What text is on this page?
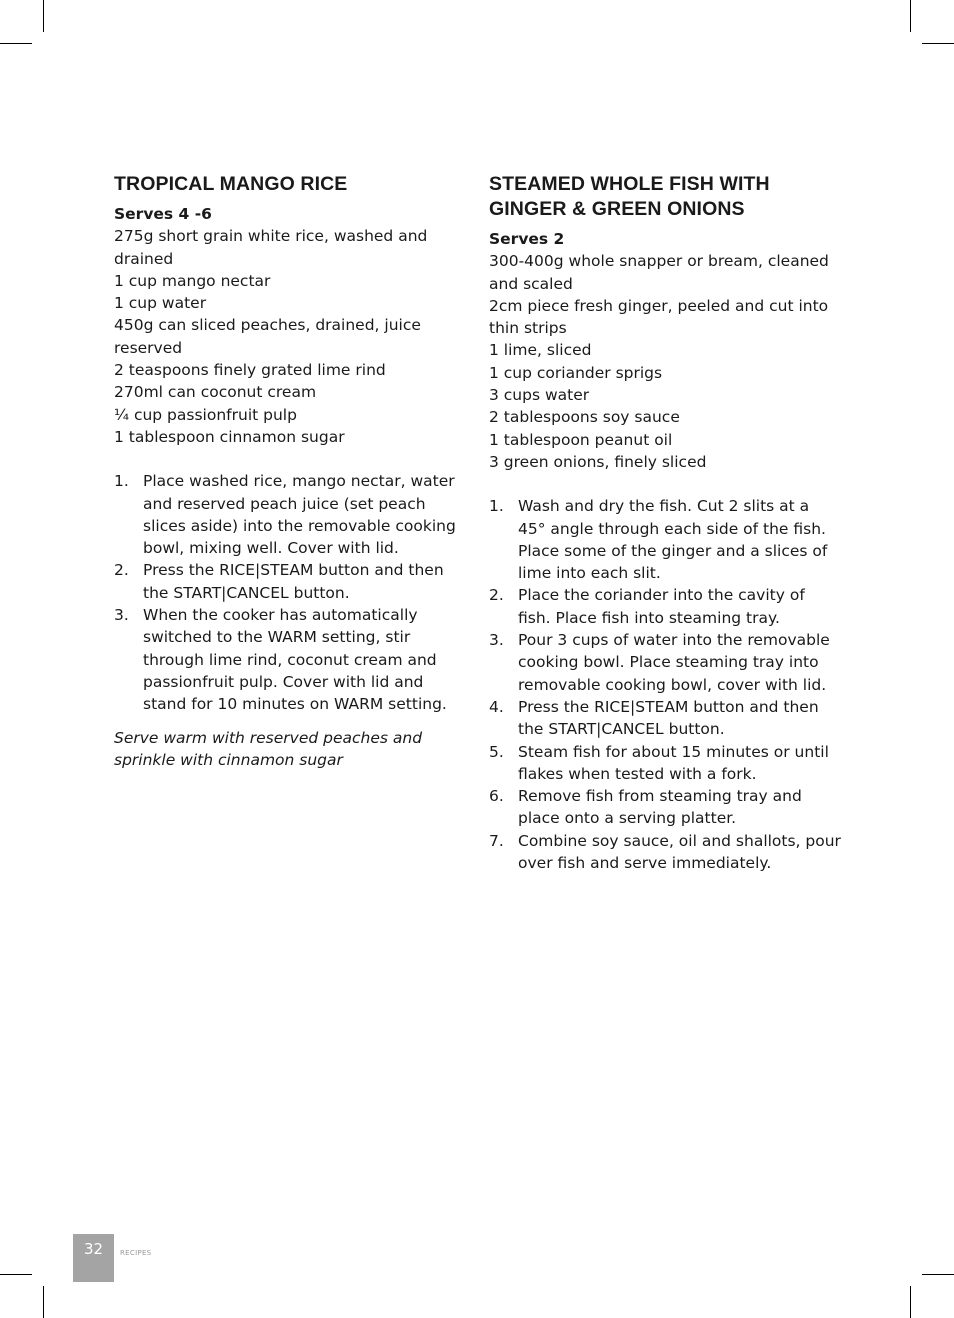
TROPICAL MANGO RICE
Serves 4 -6
275g short grain white rice, washed and drained
1 cup mango nectar
1 cup water
450g can sliced peaches, drained, juice reserved
2 teaspoons finely grated lime rind
270ml can coconut cream
¼ cup passionfruit pulp
1 tablespoon cinnamon sugar
1. Place washed rice, mango nectar, water and reserved peach juice (set peach slices aside) into the removable cooking bowl, mixing well. Cover with lid.
2. Press the RICE|STEAM button and then the START|CANCEL button.
3. When the cooker has automatically switched to the WARM setting, stir through lime rind, coconut cream and passionfruit pulp. Cover with lid and stand for 10 minutes on WARM setting.
Serve warm with reserved peaches and sprinkle with cinnamon sugar
STEAMED WHOLE FISH WITH GINGER & GREEN ONIONS
Serves 2
300-400g whole snapper or bream, cleaned and scaled
2cm piece fresh ginger, peeled and cut into thin strips
1 lime, sliced
1 cup coriander sprigs
3 cups water
2 tablespoons soy sauce
1 tablespoon peanut oil
3 green onions, finely sliced
1. Wash and dry the fish. Cut 2 slits at a 45° angle through each side of the fish. Place some of the ginger and a slices of lime into each slit.
2. Place the coriander into the cavity of fish. Place fish into steaming tray.
3. Pour 3 cups of water into the removable cooking bowl. Place steaming tray into removable cooking bowl, cover with lid.
4. Press the RICE|STEAM button and then the START|CANCEL button.
5. Steam fish for about 15 minutes or until flakes when tested with a fork.
6. Remove fish from steaming tray and place onto a serving platter.
7. Combine soy sauce, oil and shallots, pour over fish and serve immediately.
32	RECIPES
